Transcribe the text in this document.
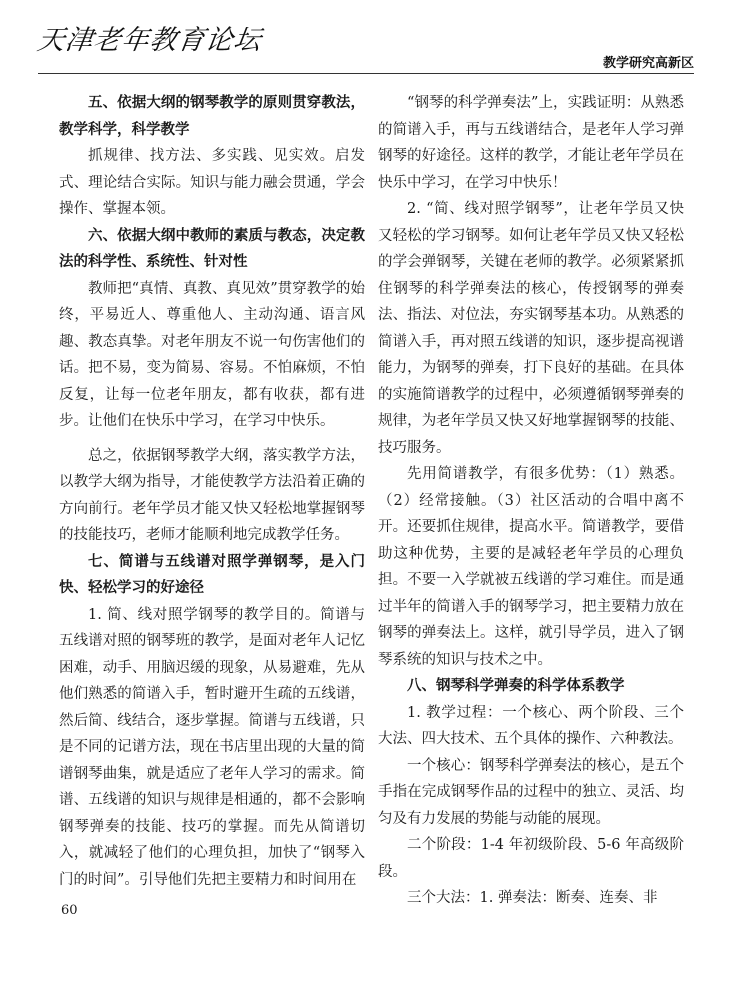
天津老年教育论坛
教学研究高新区
五、依据大纲的钢琴教学的原则贯穿教法，教学科学，科学教学

抓规律、找方法、多实践、见实效。启发式、理论结合实际。知识与能力融会贯通，学会操作、掌握本领。

六、依据大纲中教师的素质与教态，决定教法的科学性、系统性、针对性

教师把“真情、真教、真见效”贯穿教学的始终，平易近人、尊重他人、主动沟通、语言风趣、教态真挚。对老年朋友不说一句伤害他们的话。把不易，变为简易、容易。不怕麻烦，不怕反复，让每一位老年朋友，都有收获，都有进步。让他们在快乐中学习，在学习中快乐。

总之，依据钢琴教学大纲，落实教学方法，以教学大纲为指导，才能使教学方法沿着正确的方向前行。老年学员才能又快又轻松地掌握钢琴的技能技巧，老师才能顺利地完成教学任务。

七、简谱与五线谱对照学弹钢琴，是入门快、轻松学习的好途径

1. 简、线对照学钢琴的教学目的。简谱与五线谱对照的钢琴班的教学，是面对老年人记忆困难，动手、用脑迟缓的现象，从易避难，先从他们熟悉的简谱入手，暂时避开生疏的五线谱，然后简、线结合，逐步掌握。简谱与五线谱，只是不同的记谱方法，现在书店里出现的大量的简谱钢琴曲集，就是适应了老年人学习的需求。简谱、五线谱的知识与规律是相通的，都不会影响钢琴弹奏的技能、技巧的掌握。而先从简谱切入，就减轻了他们的心理负担，加快了“钢琴入门的时间”。引导他们先把主要精力和时间用在

“钢琴的科学弹奏法”上，实践证明：从熟悉的简谱入手，再与五线谱结合，是老年人学习弹钢琴的好途径。这样的教学，才能让老年学员在快乐中学习，在学习中快乐！

2. “简、线对照学钢琴”，让老年学员又快又轻松的学习钢琴。如何让老年学员又快又轻松的学会弹钢琴，关键在老师的教学。必须紧紧抓住钢琴的科学弹奏法的核心，传授钢琴的弹奏法、指法、对位法，夯实钢琴基本功。从熟悉的简谱入手，再对照五线谱的知识，逐步提高视谱能力，为钢琴的弹奏，打下良好的基础。在具体的实施简谱教学的过程中，必须遵循钢琴弹奏的规律，为老年学员又快又好地掌握钢琴的技能、技巧服务。

先用简谱教学，有很多优势：（1）熟悉。（2）经常接触。（3）社区活动的合唱中离不开。还要抓住规律，提高水平。简谱教学，要借助这种优势，主要的是减轻老年学员的心理负担。不要一入学就被五线谱的学习难住。而是通过半年的简谱入手的钢琴学习，把主要精力放在钢琴的弹奏法上。这样，就引导学员，进入了钢琴系统的知识与技术之中。

八、钢琴科学弹奏的科学体系教学

1. 教学过程：一个核心、两个阶段、三个大法、四大技术、五个具体的操作、六种教法。

一个核心：钢琴科学弹奏法的核心，是五个手指在完成钢琴作品的过程中的独立、灵活、均匀及有力发展的势能与动能的展现。

二个阶段：1-4 年初级阶段、5-6 年高级阶段。

三个大法：1. 弹奏法：断奏、连奏、非

60
